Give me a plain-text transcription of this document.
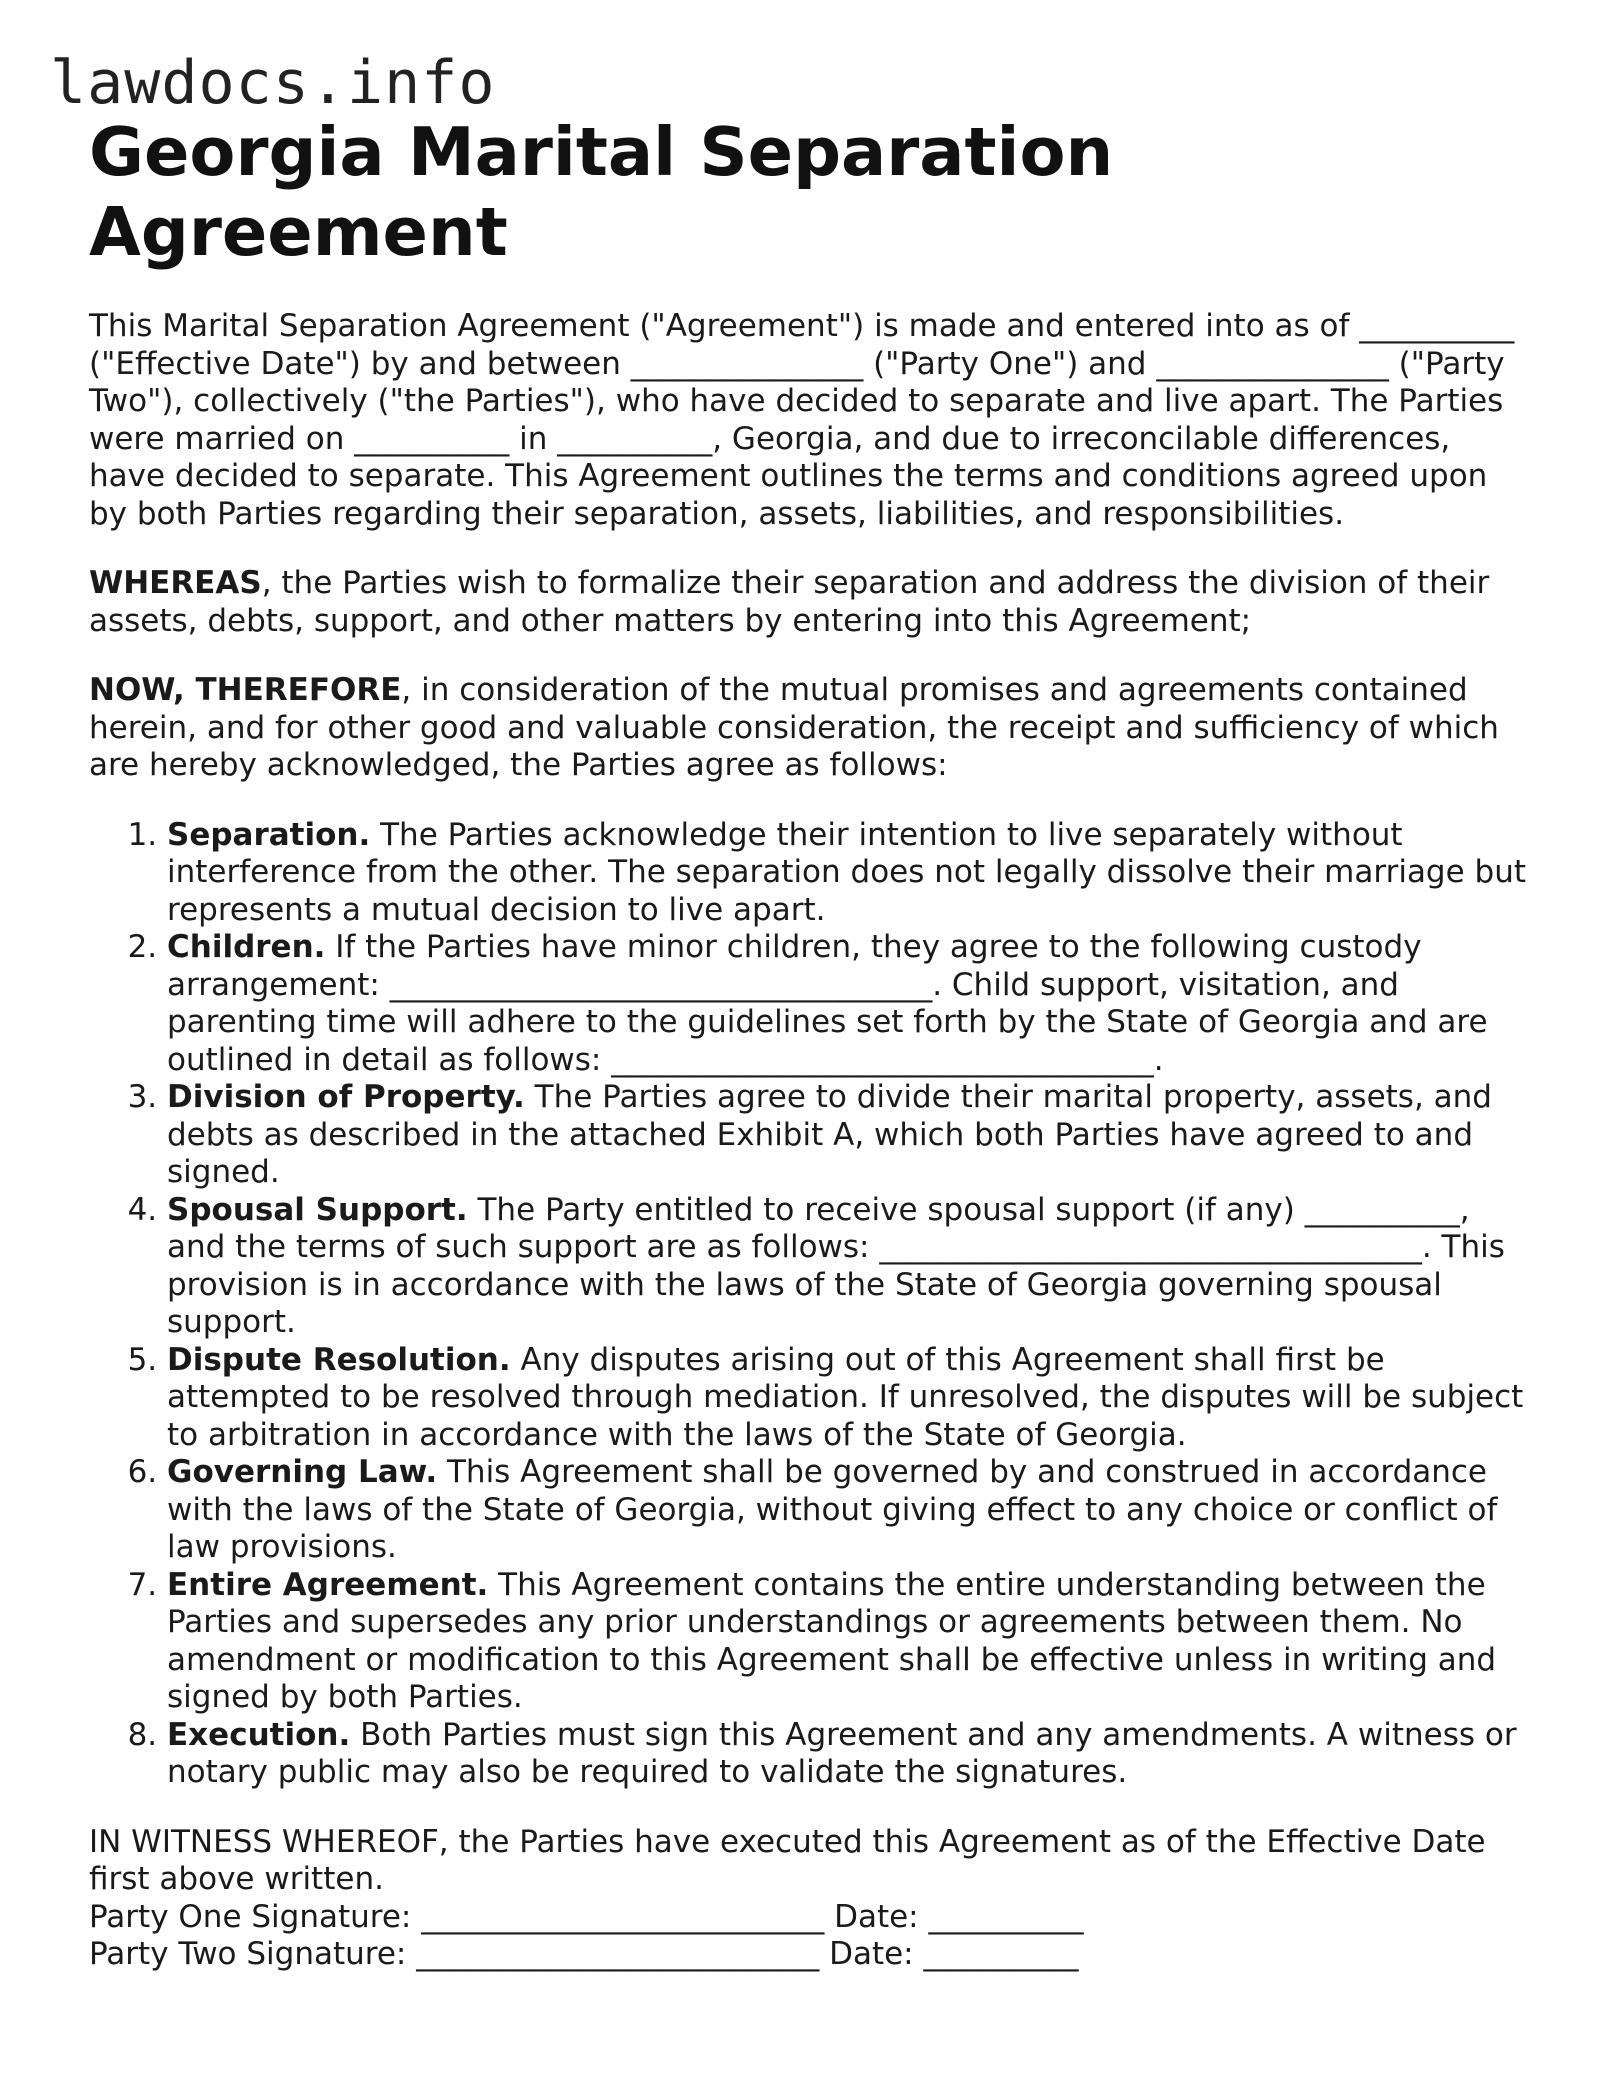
lawdocs.info
Georgia Marital Separation Agreement

This Marital Separation Agreement ("Agreement") is made and entered into as of __________ ("Effective Date") by and between _______________ ("Party One") and _______________ ("Party Two"), collectively ("the Parties"), who have decided to separate and live apart. The Parties were married on __________ in __________, Georgia, and due to irreconcilable differences, have decided to separate. This Agreement outlines the terms and conditions agreed upon by both Parties regarding their separation, assets, liabilities, and responsibilities.

WHEREAS, the Parties wish to formalize their separation and address the division of their assets, debts, support, and other matters by entering into this Agreement;

NOW, THEREFORE, in consideration of the mutual promises and agreements contained herein, and for other good and valuable consideration, the receipt and sufficiency of which are hereby acknowledged, the Parties agree as follows:

1. Separation. The Parties acknowledge their intention to live separately without interference from the other. The separation does not legally dissolve their marriage but represents a mutual decision to live apart.
2. Children. If the Parties have minor children, they agree to the following custody arrangement: ___________________________________. Child support, visitation, and parenting time will adhere to the guidelines set forth by the State of Georgia and are outlined in detail as follows: ___________________________________.
3. Division of Property. The Parties agree to divide their marital property, assets, and debts as described in the attached Exhibit A, which both Parties have agreed to and signed.
4. Spousal Support. The Party entitled to receive spousal support (if any) __________, and the terms of such support are as follows: ___________________________________. This provision is in accordance with the laws of the State of Georgia governing spousal support.
5. Dispute Resolution. Any disputes arising out of this Agreement shall first be attempted to be resolved through mediation. If unresolved, the disputes will be subject to arbitration in accordance with the laws of the State of Georgia.
6. Governing Law. This Agreement shall be governed by and construed in accordance with the laws of the State of Georgia, without giving effect to any choice or conflict of law provisions.
7. Entire Agreement. This Agreement contains the entire understanding between the Parties and supersedes any prior understandings or agreements between them. No amendment or modification to this Agreement shall be effective unless in writing and signed by both Parties.
8. Execution. Both Parties must sign this Agreement and any amendments. A witness or notary public may also be required to validate the signatures.

IN WITNESS WHEREOF, the Parties have executed this Agreement as of the Effective Date first above written.

Party One Signature: __________________________ Date: __________

Party Two Signature: __________________________ Date: __________
